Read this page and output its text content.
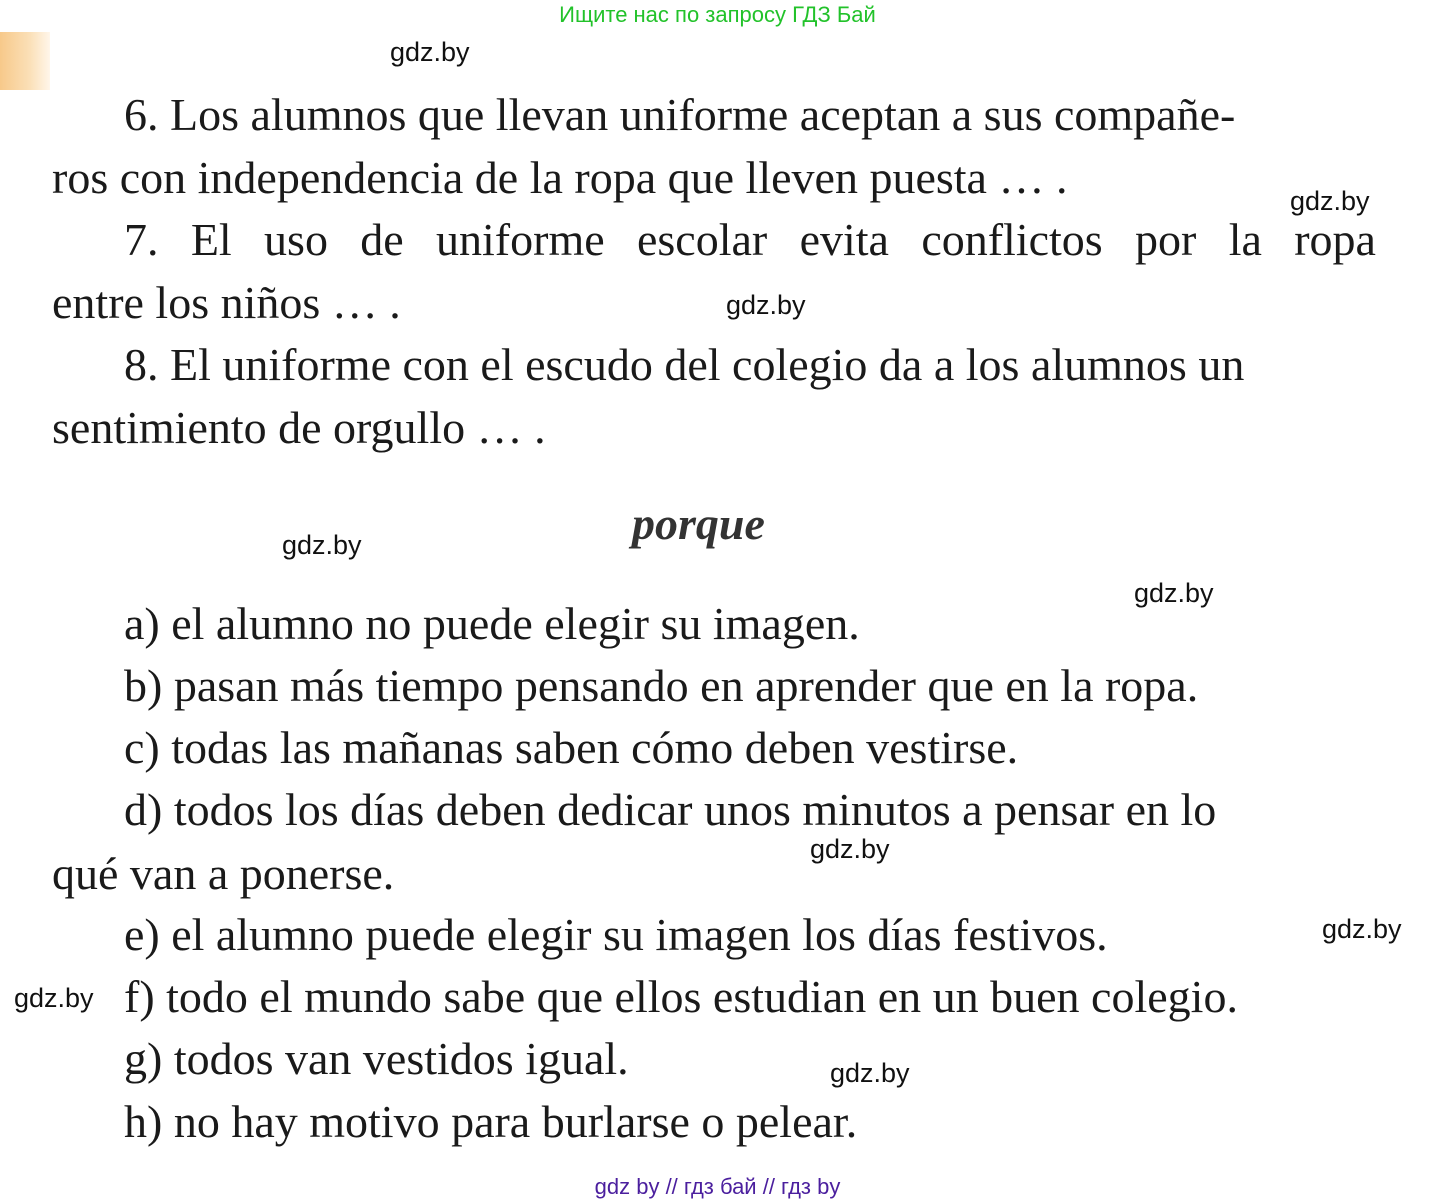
Ищите нас по запросу ГДЗ Бай
gdz.by
gdz.by
gdz.by
gdz.by
gdz.by
gdz.by
gdz.by
gdz.by
gdz.by
6. Los alumnos que llevan uniforme aceptan a sus compañe-
ros con independencia de la ropa que lleven puesta … .
7. El uso de uniforme escolar evita conflictos por la ropa
entre los niños … .
8. El uniforme con el escudo del colegio da a los alumnos un
sentimiento de orgullo … .
porque
a) el alumno no puede elegir su imagen.
b) pasan más tiempo pensando en aprender que en la ropa.
c) todas las mañanas saben cómo deben vestirse.
d) todos los días deben dedicar unos minutos a pensar en lo
qué van a ponerse.
e) el alumno puede elegir su imagen los días festivos.
f) todo el mundo sabe que ellos estudian en un buen colegio.
g) todos van vestidos igual.
h) no hay motivo para burlarse o pelear.
gdz by // гдз бай // гдз by
